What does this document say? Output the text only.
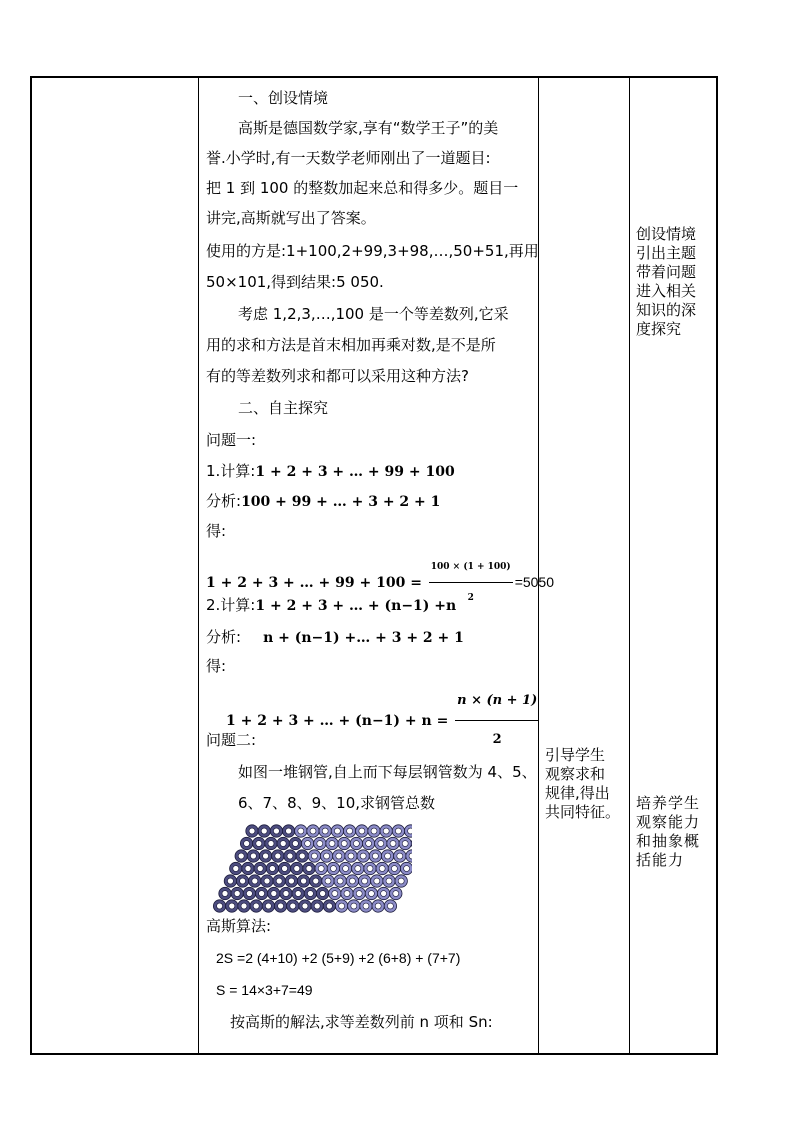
一、创设情境
高斯是德国数学家,享有“数学王子”的美
誉.小学时,有一天数学老师刚出了一道题目:
把 1 到 100 的整数加起来总和得多少。题目一
讲完,高斯就写出了答案。
使用的方是:1+100,2+99,3+98,…,50+51,再用
50×101,得到结果:5 050.
考虑 1,2,3,…,100 是一个等差数列,它采
用的求和方法是首末相加再乘对数,是不是所
有的等差数列求和都可以采用这种方法?
二、自主探究
问题一:
1.计算:1 + 2 + 3 + … + 99 + 100
分析:100 + 99 + … + 3 + 2 + 1
得:
1 + 2 + 3 + … + $99 + 100 = \frac{100 \times (1 + 100)}{2} =5050$
2.计算:1 + 2 + 3 + … + (n−1) +n
分析: n + (n−1) +… + 3 + 2 + 1
得:
1 + 2 + 3 + … + $(n-1) + n = \frac{n \times (n + 1)}{2}$
问题二:
如图一堆钢管,自上而下每层钢管数为 4、5、
6、7、8、9、10,求钢管总数
高斯算法:
2S =2 (4+10) +2 (5+9) +2 (6+8) + (7+7)
S = 14×3+7=49
按高斯的解法,求等差数列前 n 项和 Sn:
引导学生
观察求和
规律,得出
共同特征。
创设情境
引出主题
带着问题
进入相关
知识的深
度探究
培养学生
观察能力
和抽象概
括能力
